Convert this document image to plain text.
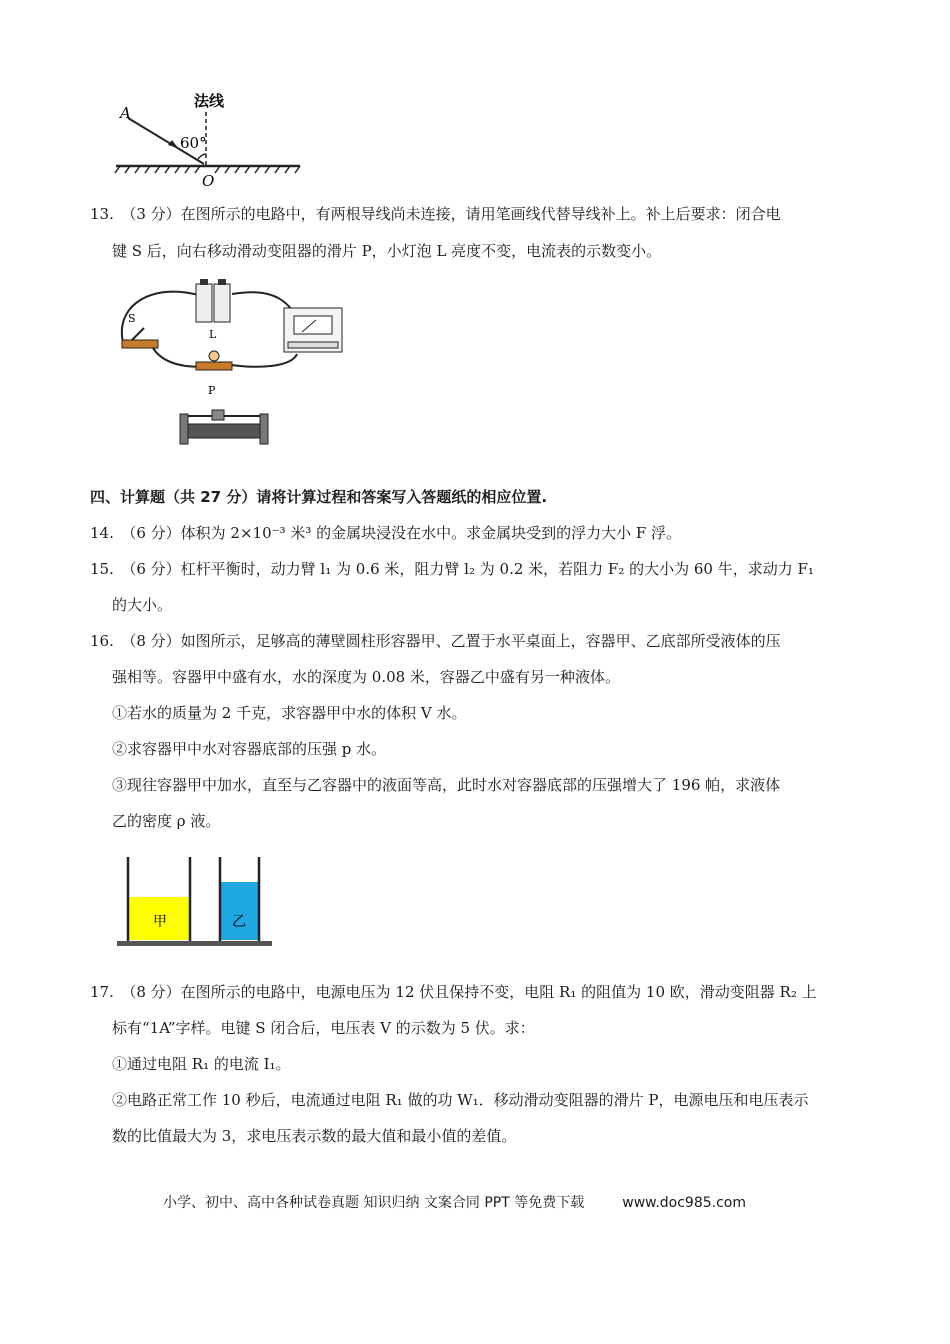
法线
A
60°
O
13.　（3 分）在图所示的电路中，有两根导线尚未连接，请用笔画线代替导线补上。补上后要求：闭合电
键 S 后，向右移动滑动变阻器的滑片 P，小灯泡 L 亮度不变，电流表的示数变小。
L
S
P
四、计算题（共 27 分）请将计算过程和答案写入答题纸的相应位置.
14.　（6 分）体积为 2×10⁻³ 米³ 的金属块浸没在水中。求金属块受到的浮力大小 F 浮。
15.　（6 分）杠杆平衡时，动力臂 l₁ 为 0.6 米，阻力臂 l₂ 为 0.2 米，若阻力 F₂ 的大小为 60 牛，求动力 F₁
的大小。
16.　（8 分）如图所示，足够高的薄壁圆柱形容器甲、乙置于水平桌面上，容器甲、乙底部所受液体的压
强相等。容器甲中盛有水，水的深度为 0.08 米，容器乙中盛有另一种液体。
①若水的质量为 2 千克，求容器甲中水的体积 V 水。
②求容器甲中水对容器底部的压强 p 水。
③现往容器甲中加水，直至与乙容器中的液面等高，此时水对容器底部的压强增大了 196 帕，求液体
乙的密度 ρ 液。
甲	乙
17.　（8 分）在图所示的电路中，电源电压为 12 伏且保持不变，电阻 R₁ 的阻值为 10 欧，滑动变阻器 R₂ 上
标有“1A”字样。电键 S 闭合后，电压表 V 的示数为 5 伏。求：
①通过电阻 R₁ 的电流 I₁。
②电路正常工作 10 秒后，电流通过电阻 R₁ 做的功 W₁．移动滑动变阻器的滑片 P，电源电压和电压表示
数的比值最大为 3，求电压表示数的最大值和最小值的差值。
小学、初中、高中各种试卷真题 知识归纳 文案合同 PPT 等免费下载	www.doc985.com
